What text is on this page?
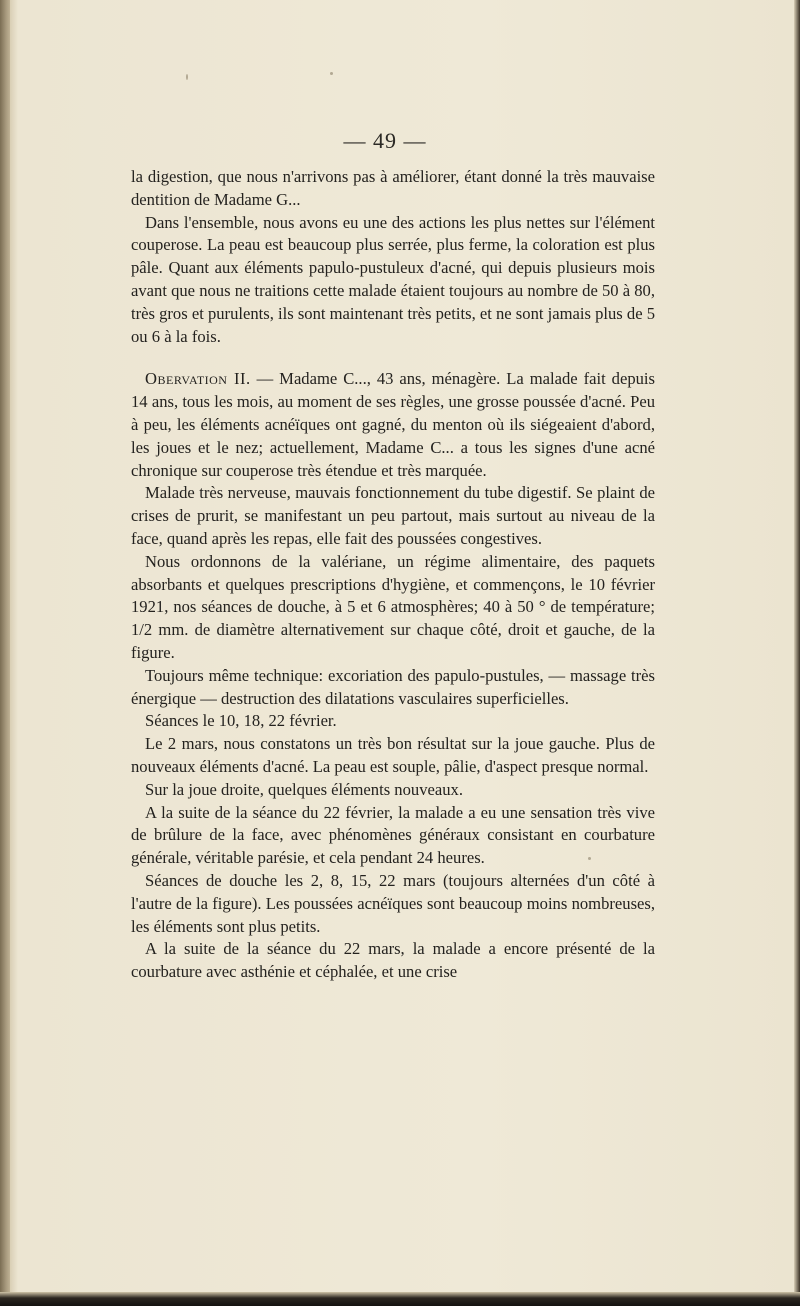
— 49 —

la digestion, que nous n'arrivons pas à améliorer, étant donné la très mauvaise dentition de Madame G...

Dans l'ensemble, nous avons eu une des actions les plus nettes sur l'élément couperose. La peau est beaucoup plus serrée, plus ferme, la coloration est plus pâle. Quant aux éléments papulo-pustuleux d'acné, qui depuis plusieurs mois avant que nous ne traitions cette malade étaient toujours au nombre de 50 à 80, très gros et purulents, ils sont maintenant très petits, et ne sont jamais plus de 5 ou 6 à la fois.

Obervation II. — Madame C..., 43 ans, ménagère. La malade fait depuis 14 ans, tous les mois, au moment de ses règles, une grosse poussée d'acné. Peu à peu, les éléments acnéïques ont gagné, du menton où ils siégeaient d'abord, les joues et le nez; actuellement, Madame C... a tous les signes d'une acné chronique sur couperose très étendue et très marquée.

Malade très nerveuse, mauvais fonctionnement du tube digestif. Se plaint de crises de prurit, se manifestant un peu partout, mais surtout au niveau de la face, quand après les repas, elle fait des poussées congestives.

Nous ordonnons de la valériane, un régime alimentaire, des paquets absorbants et quelques prescriptions d'hygiène, et commençons, le 10 février 1921, nos séances de douche, à 5 et 6 atmosphères; 40 à 50 ° de température; 1/2 mm. de diamètre alternativement sur chaque côté, droit et gauche, de la figure.

Toujours même technique: excoriation des papulo-pustules, — massage très énergique — destruction des dilatations vasculaires superficielles.

Séances le 10, 18, 22 février.

Le 2 mars, nous constatons un très bon résultat sur la joue gauche. Plus de nouveaux éléments d'acné. La peau est souple, pâlie, d'aspect presque normal.

Sur la joue droite, quelques éléments nouveaux.

A la suite de la séance du 22 février, la malade a eu une sensation très vive de brûlure de la face, avec phénomènes généraux consistant en courbature générale, véritable parésie, et cela pendant 24 heures.

Séances de douche les 2, 8, 15, 22 mars (toujours alternées d'un côté à l'autre de la figure). Les poussées acnéïques sont beaucoup moins nombreuses, les éléments sont plus petits.

A la suite de la séance du 22 mars, la malade a encore présenté de la courbature avec asthénie et céphalée, et une crise
